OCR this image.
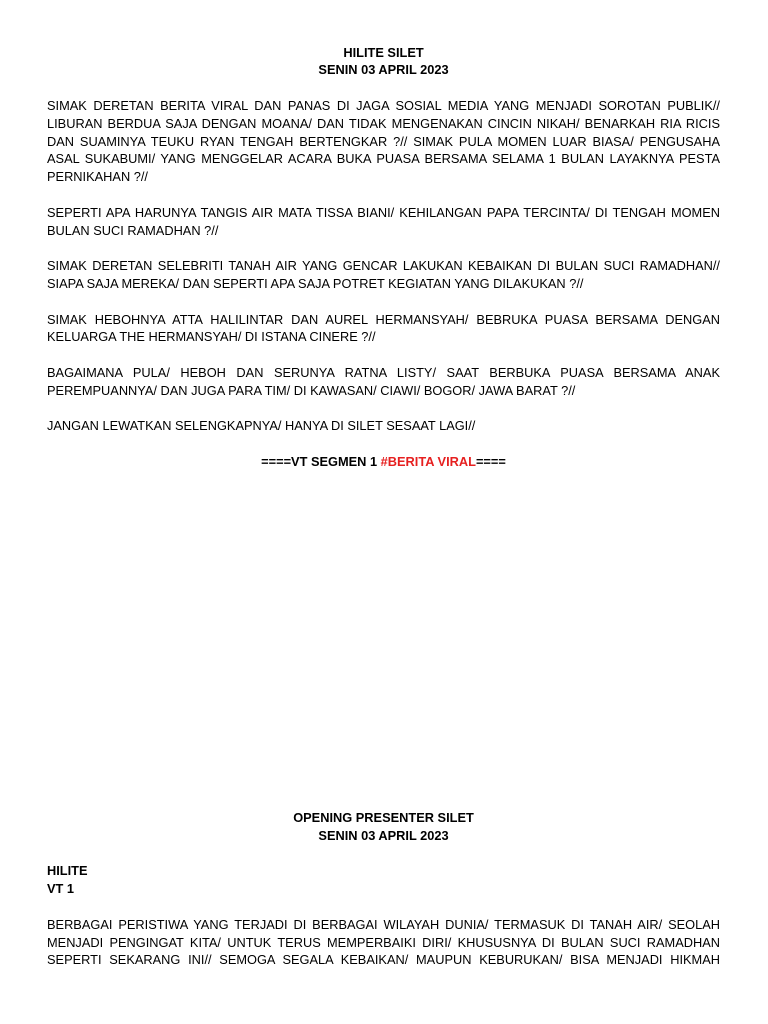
HILITE SILET
SENIN 03 APRIL 2023
SIMAK DERETAN BERITA VIRAL DAN PANAS DI JAGA SOSIAL MEDIA YANG MENJADI SOROTAN PUBLIK//
LIBURAN BERDUA SAJA DENGAN MOANA/ DAN TIDAK MENGENAKAN CINCIN NIKAH/ BENARKAH RIA RICIS
DAN SUAMINYA TEUKU RYAN TENGAH BERTENGKAR ?// SIMAK PULA MOMEN LUAR BIASA/ PENGUSAHA
ASAL SUKABUMI/ YANG MENGGELAR ACARA BUKA PUASA BERSAMA SELAMA 1 BULAN LAYAKNYA PESTA
PERNIKAHAN ?//
SEPERTI APA HARUNYA TANGIS AIR MATA TISSA BIANI/ KEHILANGAN PAPA TERCINTA/ DI TENGAH MOMEN
BULAN SUCI RAMADHAN ?//
SIMAK DERETAN SELEBRITI TANAH AIR YANG GENCAR LAKUKAN KEBAIKAN DI BULAN SUCI RAMADHAN//
SIAPA SAJA MEREKA/ DAN SEPERTI APA SAJA POTRET KEGIATAN YANG DILAKUKAN ?//
SIMAK HEBOHNYA ATTA HALILINTAR DAN AUREL HERMANSYAH/ BEBRUKA PUASA BERSAMA DENGAN
KELUARGA THE HERMANSYAH/ DI ISTANA CINERE ?//
BAGAIMANA PULA/ HEBOH DAN SERUNYA RATNA LISTY/ SAAT BERBUKA PUASA BERSAMA ANAK
PEREMPUANNYA/ DAN JUGA PARA TIM/ DI KAWASAN/ CIAWI/ BOGOR/ JAWA BARAT ?//
JANGAN LEWATKAN SELENGKAPNYA/ HANYA DI SILET SESAAT LAGI//
====VT SEGMEN 1 #BERITA VIRAL====
OPENING PRESENTER SILET
SENIN 03 APRIL 2023
HILITE
VT 1
BERBAGAI PERISTIWA YANG TERJADI DI BERBAGAI WILAYAH DUNIA/ TERMASUK DI TANAH AIR/ SEOLAH
MENJADI PENGINGAT KITA/ UNTUK TERUS MEMPERBAIKI DIRI/ KHUSUSNYA DI BULAN SUCI RAMADHAN
SEPERTI SEKARANG INI// SEMOGA SEGALA KEBAIKAN/ MAUPUN KEBURUKAN/ BISA MENJADI HIKMAH
